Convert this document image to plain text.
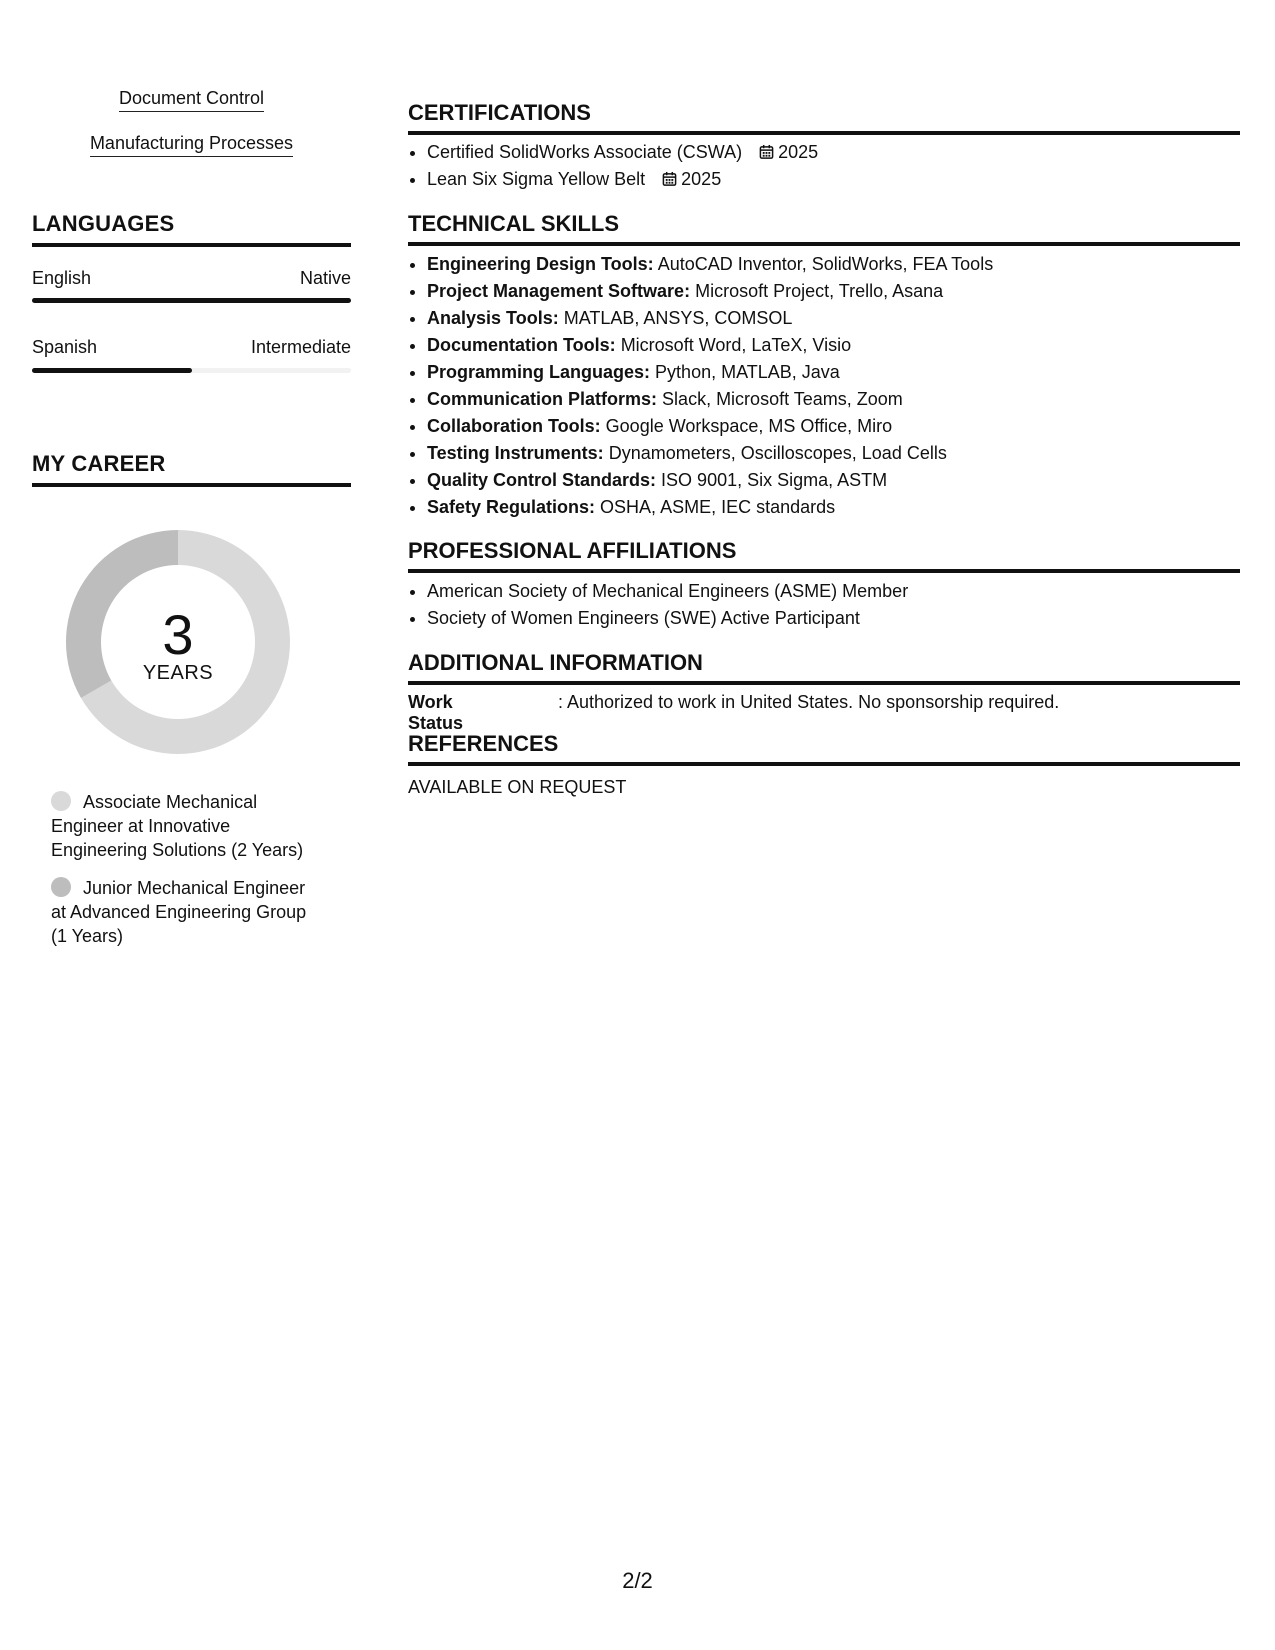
Document Control
Manufacturing Processes
LANGUAGES
English	Native
Spanish	Intermediate
MY CAREER
3
YEARS
Associate Mechanical Engineer at Innovative Engineering Solutions (2 Years)
Junior Mechanical Engineer at Advanced Engineering Group (1 Years)
CERTIFICATIONS
• Certified SolidWorks Associate (CSWA) 2025
• Lean Six Sigma Yellow Belt 2025
TECHNICAL SKILLS
• Engineering Design Tools: AutoCAD Inventor, SolidWorks, FEA Tools
• Project Management Software: Microsoft Project, Trello, Asana
• Analysis Tools: MATLAB, ANSYS, COMSOL
• Documentation Tools: Microsoft Word, LaTeX, Visio
• Programming Languages: Python, MATLAB, Java
• Communication Platforms: Slack, Microsoft Teams, Zoom
• Collaboration Tools: Google Workspace, MS Office, Miro
• Testing Instruments: Dynamometers, Oscilloscopes, Load Cells
• Quality Control Standards: ISO 9001, Six Sigma, ASTM
• Safety Regulations: OSHA, ASME, IEC standards
PROFESSIONAL AFFILIATIONS
• American Society of Mechanical Engineers (ASME) Member
• Society of Women Engineers (SWE) Active Participant
ADDITIONAL INFORMATION
Work Status
: Authorized to work in United States. No sponsorship required.
REFERENCES
AVAILABLE ON REQUEST
2/2
